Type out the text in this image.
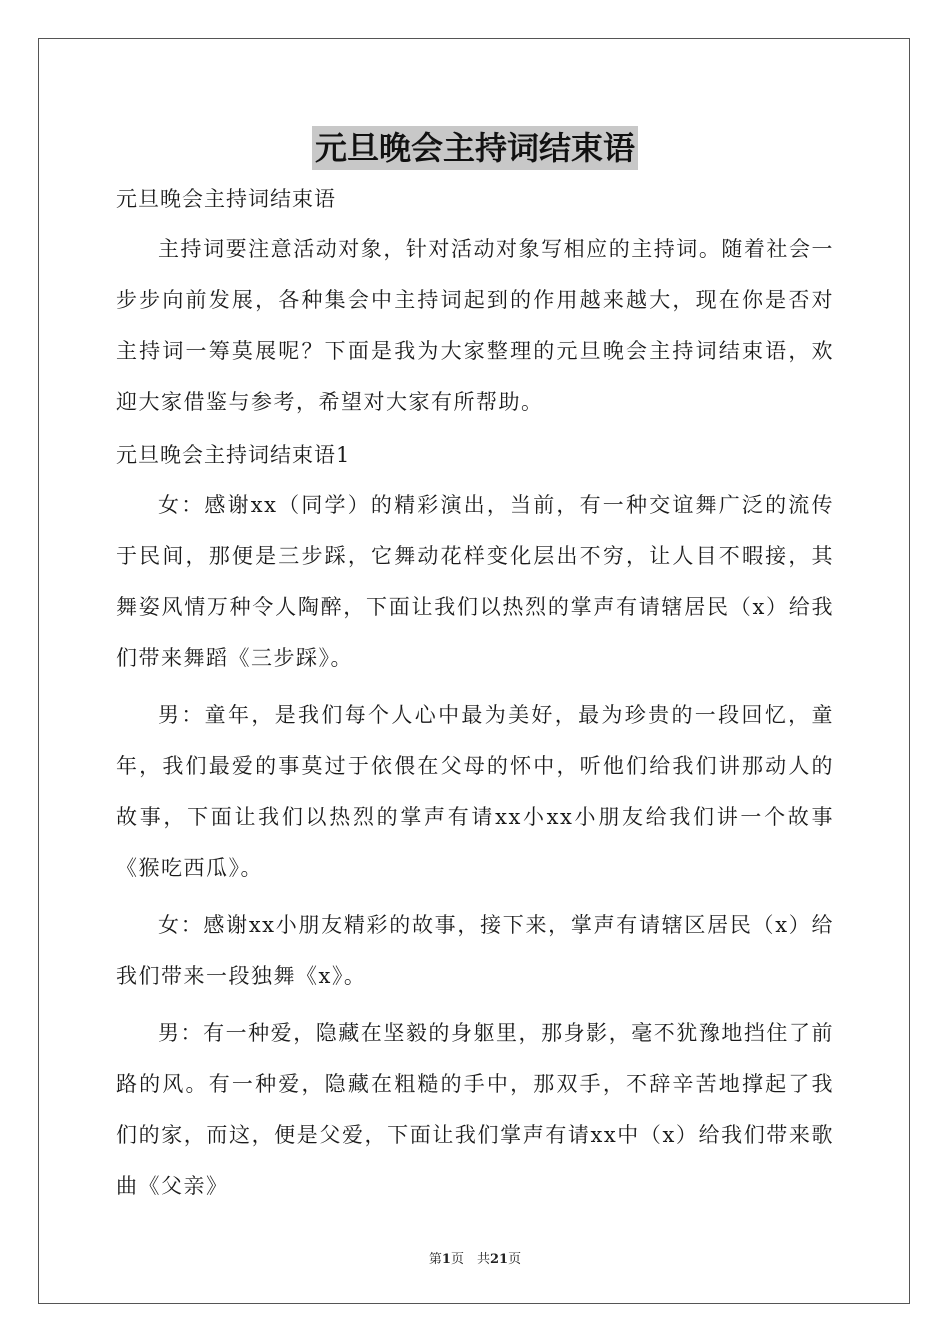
元旦晚会主持词结束语

元旦晚会主持词结束语

主持词要注意活动对象，针对活动对象写相应的主持词。随着社会一步步向前发展，各种集会中主持词起到的作用越来越大，现在你是否对主持词一筹莫展呢？下面是我为大家整理的元旦晚会主持词结束语，欢迎大家借鉴与参考，希望对大家有所帮助。

元旦晚会主持词结束语1

女：感谢xx（同学）的精彩演出，当前，有一种交谊舞广泛的流传于民间，那便是三步踩，它舞动花样变化层出不穷，让人目不暇接，其舞姿风情万种令人陶醉，下面让我们以热烈的掌声有请辖居民（x）给我们带来舞蹈《三步踩》。

男：童年，是我们每个人心中最为美好，最为珍贵的一段回忆，童年，我们最爱的事莫过于依偎在父母的怀中，听他们给我们讲那动人的故事，下面让我们以热烈的掌声有请xx小xx小朋友给我们讲一个故事《猴吃西瓜》。

女：感谢xx小朋友精彩的故事，接下来，掌声有请辖区居民（x）给我们带来一段独舞《x》。

男：有一种爱，隐藏在坚毅的身躯里，那身影，毫不犹豫地挡住了前路的风。有一种爱，隐藏在粗糙的手中，那双手，不辞辛苦地撑起了我们的家，而这，便是父爱，下面让我们掌声有请xx中（x）给我们带来歌曲《父亲》

第1页　共21页
